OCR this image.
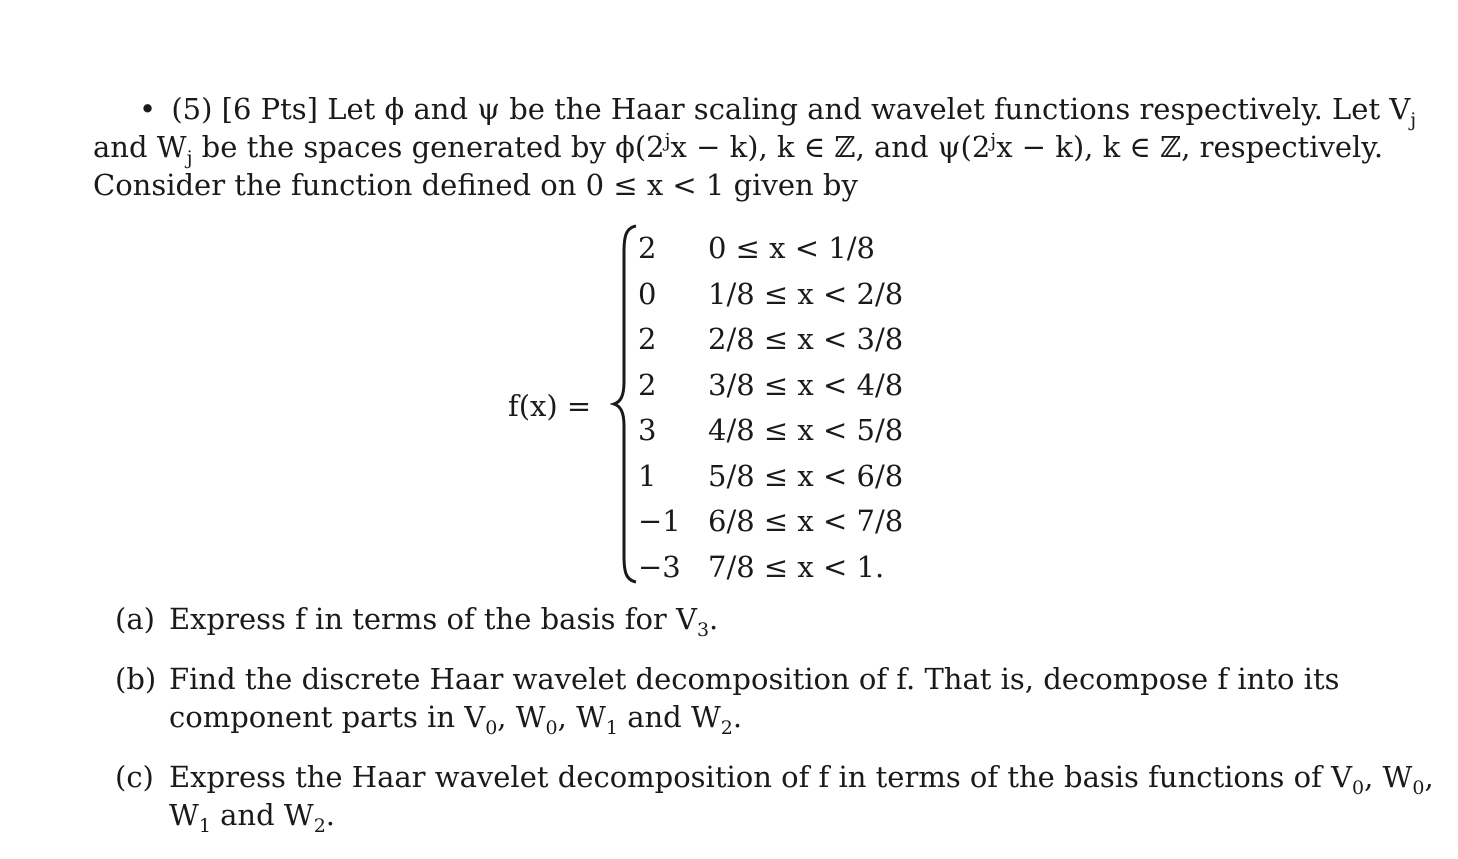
• (5) [6 Pts] Let ϕ and ψ be the Haar scaling and wavelet functions respectively. Let $V_j$
and $W_j$ be the spaces generated by $\phi(2^jx - k)$, k ∈ ℤ, and $\psi(2^jx - k)$, k ∈ ℤ, respectively.
Consider the function defined on 0 ≤ x < 1 given by
f(x) =
2	0 ≤ x < 1/8
0	1/8 ≤ x < 2/8
2	2/8 ≤ x < 3/8
2	3/8 ≤ x < 4/8
3	4/8 ≤ x < 5/8
1	5/8 ≤ x < 6/8
−1 6/8 ≤ x < 7/8
−3 7/8 ≤ x < 1.
(a) Express f in terms of the basis for $V_3$.
(b) Find the discrete Haar wavelet decomposition of f. That is, decompose f into its
component parts in $V_0$, $W_0$, $W_1$ and $W_2$.
(c) Express the Haar wavelet decomposition of f in terms of the basis functions of $V_0$, $W_0$,
$W_1$ and $W_2$.
